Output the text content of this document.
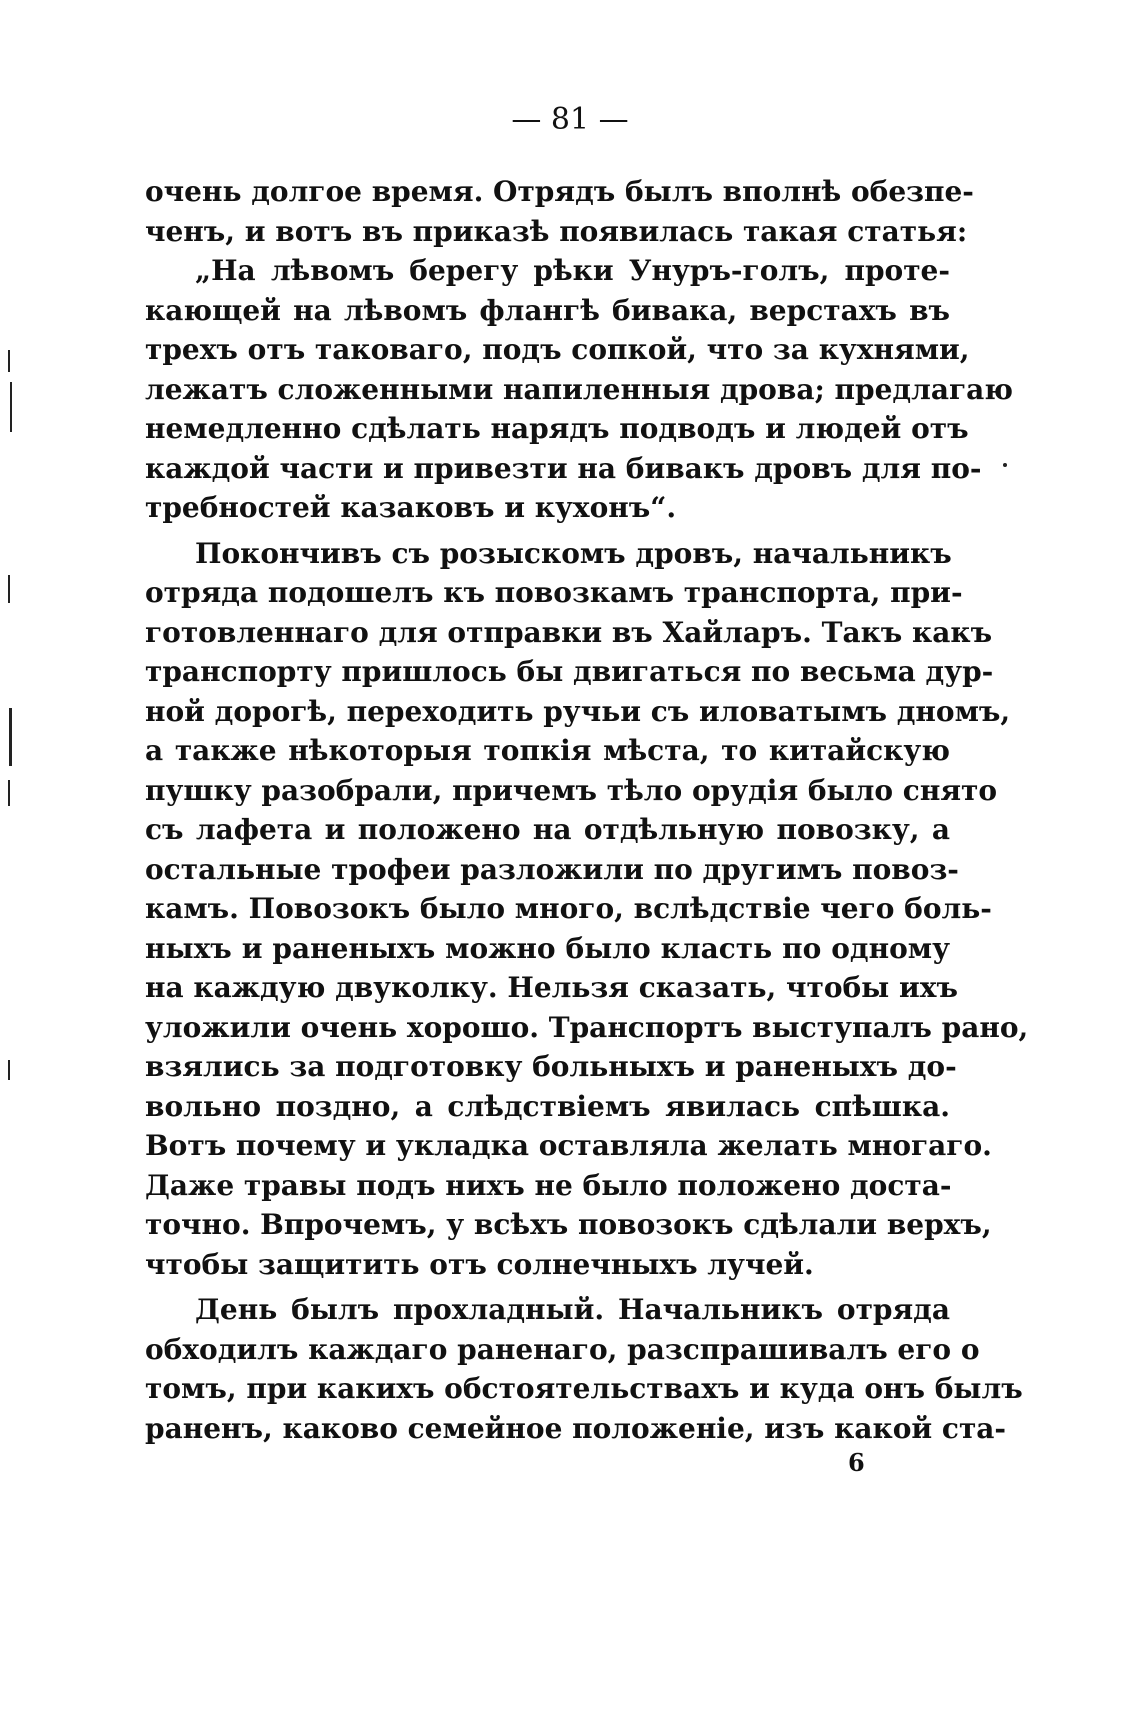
— 81 —
очень долгое время. Отрядъ былъ вполнѣ обезпе-
ченъ, и вотъ въ приказѣ появилась такая статья:
„На лѣвомъ берегу рѣки Унуръ-голъ, проте-
кающей на лѣвомъ флангѣ бивака, верстахъ въ
трехъ отъ таковаго, подъ сопкой, что за кухнями,
лежатъ сложенными напиленныя дрова; предлагаю
немедленно сдѣлать нарядъ подводъ и людей отъ
каждой части и привезти на бивакъ дровъ для по-
требностей казаковъ и кухонъ“.
Покончивъ съ розыскомъ дровъ, начальникъ
отряда подошелъ къ повозкамъ транспорта, при-
готовленнаго для отправки въ Хайларъ. Такъ какъ
транспорту пришлось бы двигаться по весьма дур-
ной дорогѣ, переходить ручьи съ иловатымъ дномъ,
а также нѣкоторыя топкія мѣста, то китайскую
пушку разобрали, причемъ тѣло орудія было снято
съ лафета и положено на отдѣльную повозку, а
остальные трофеи разложили по другимъ повоз-
камъ. Повозокъ было много, вслѣдствіе чего боль-
ныхъ и раненыхъ можно было класть по одному
на каждую двуколку. Нельзя сказать, чтобы ихъ
уложили очень хорошо. Транспортъ выступалъ рано,
взялись за подготовку больныхъ и раненыхъ до-
вольно поздно, а слѣдствіемъ явилась спѣшка.
Вотъ почему и укладка оставляла желать многаго.
Даже травы подъ нихъ не было положено доста-
точно. Впрочемъ, у всѣхъ повозокъ сдѣлали верхъ,
чтобы защитить отъ солнечныхъ лучей.
День былъ прохладный. Начальникъ отряда
обходилъ каждаго раненаго, разспрашивалъ его о
томъ, при какихъ обстоятельствахъ и куда онъ былъ
раненъ, каково семейное положеніе, изъ какой ста-
6
